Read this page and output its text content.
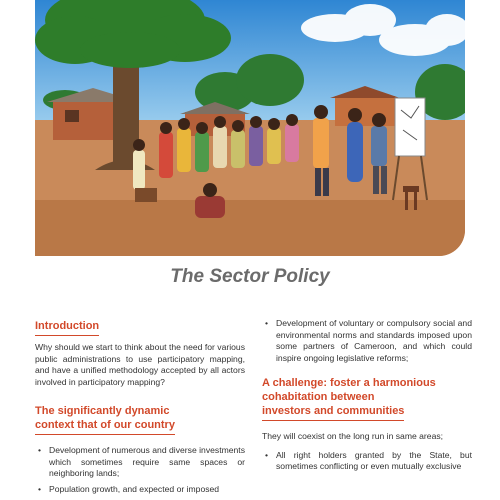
The Sector Policy
Introduction

Why should we start to think about the need for various public administrations to use participatory mapping, and have a unified methodology accepted by all actors involved in participatory mapping?

The significantly dynamic
context that of our country
• Development of numerous and diverse investments which sometimes require same spaces or neighboring lands;
• Population growth, and expected or imposed
• Development of voluntary or compulsory social and environmental norms and standards imposed upon some partners of Cameroon, and which could inspire ongoing legislative reforms;
A challenge: foster a harmonious
cohabitation between
investors and communities

They will coexist on the long run in same areas;

• All right holders granted by the State, but sometimes conflicting or even mutually exclusive
